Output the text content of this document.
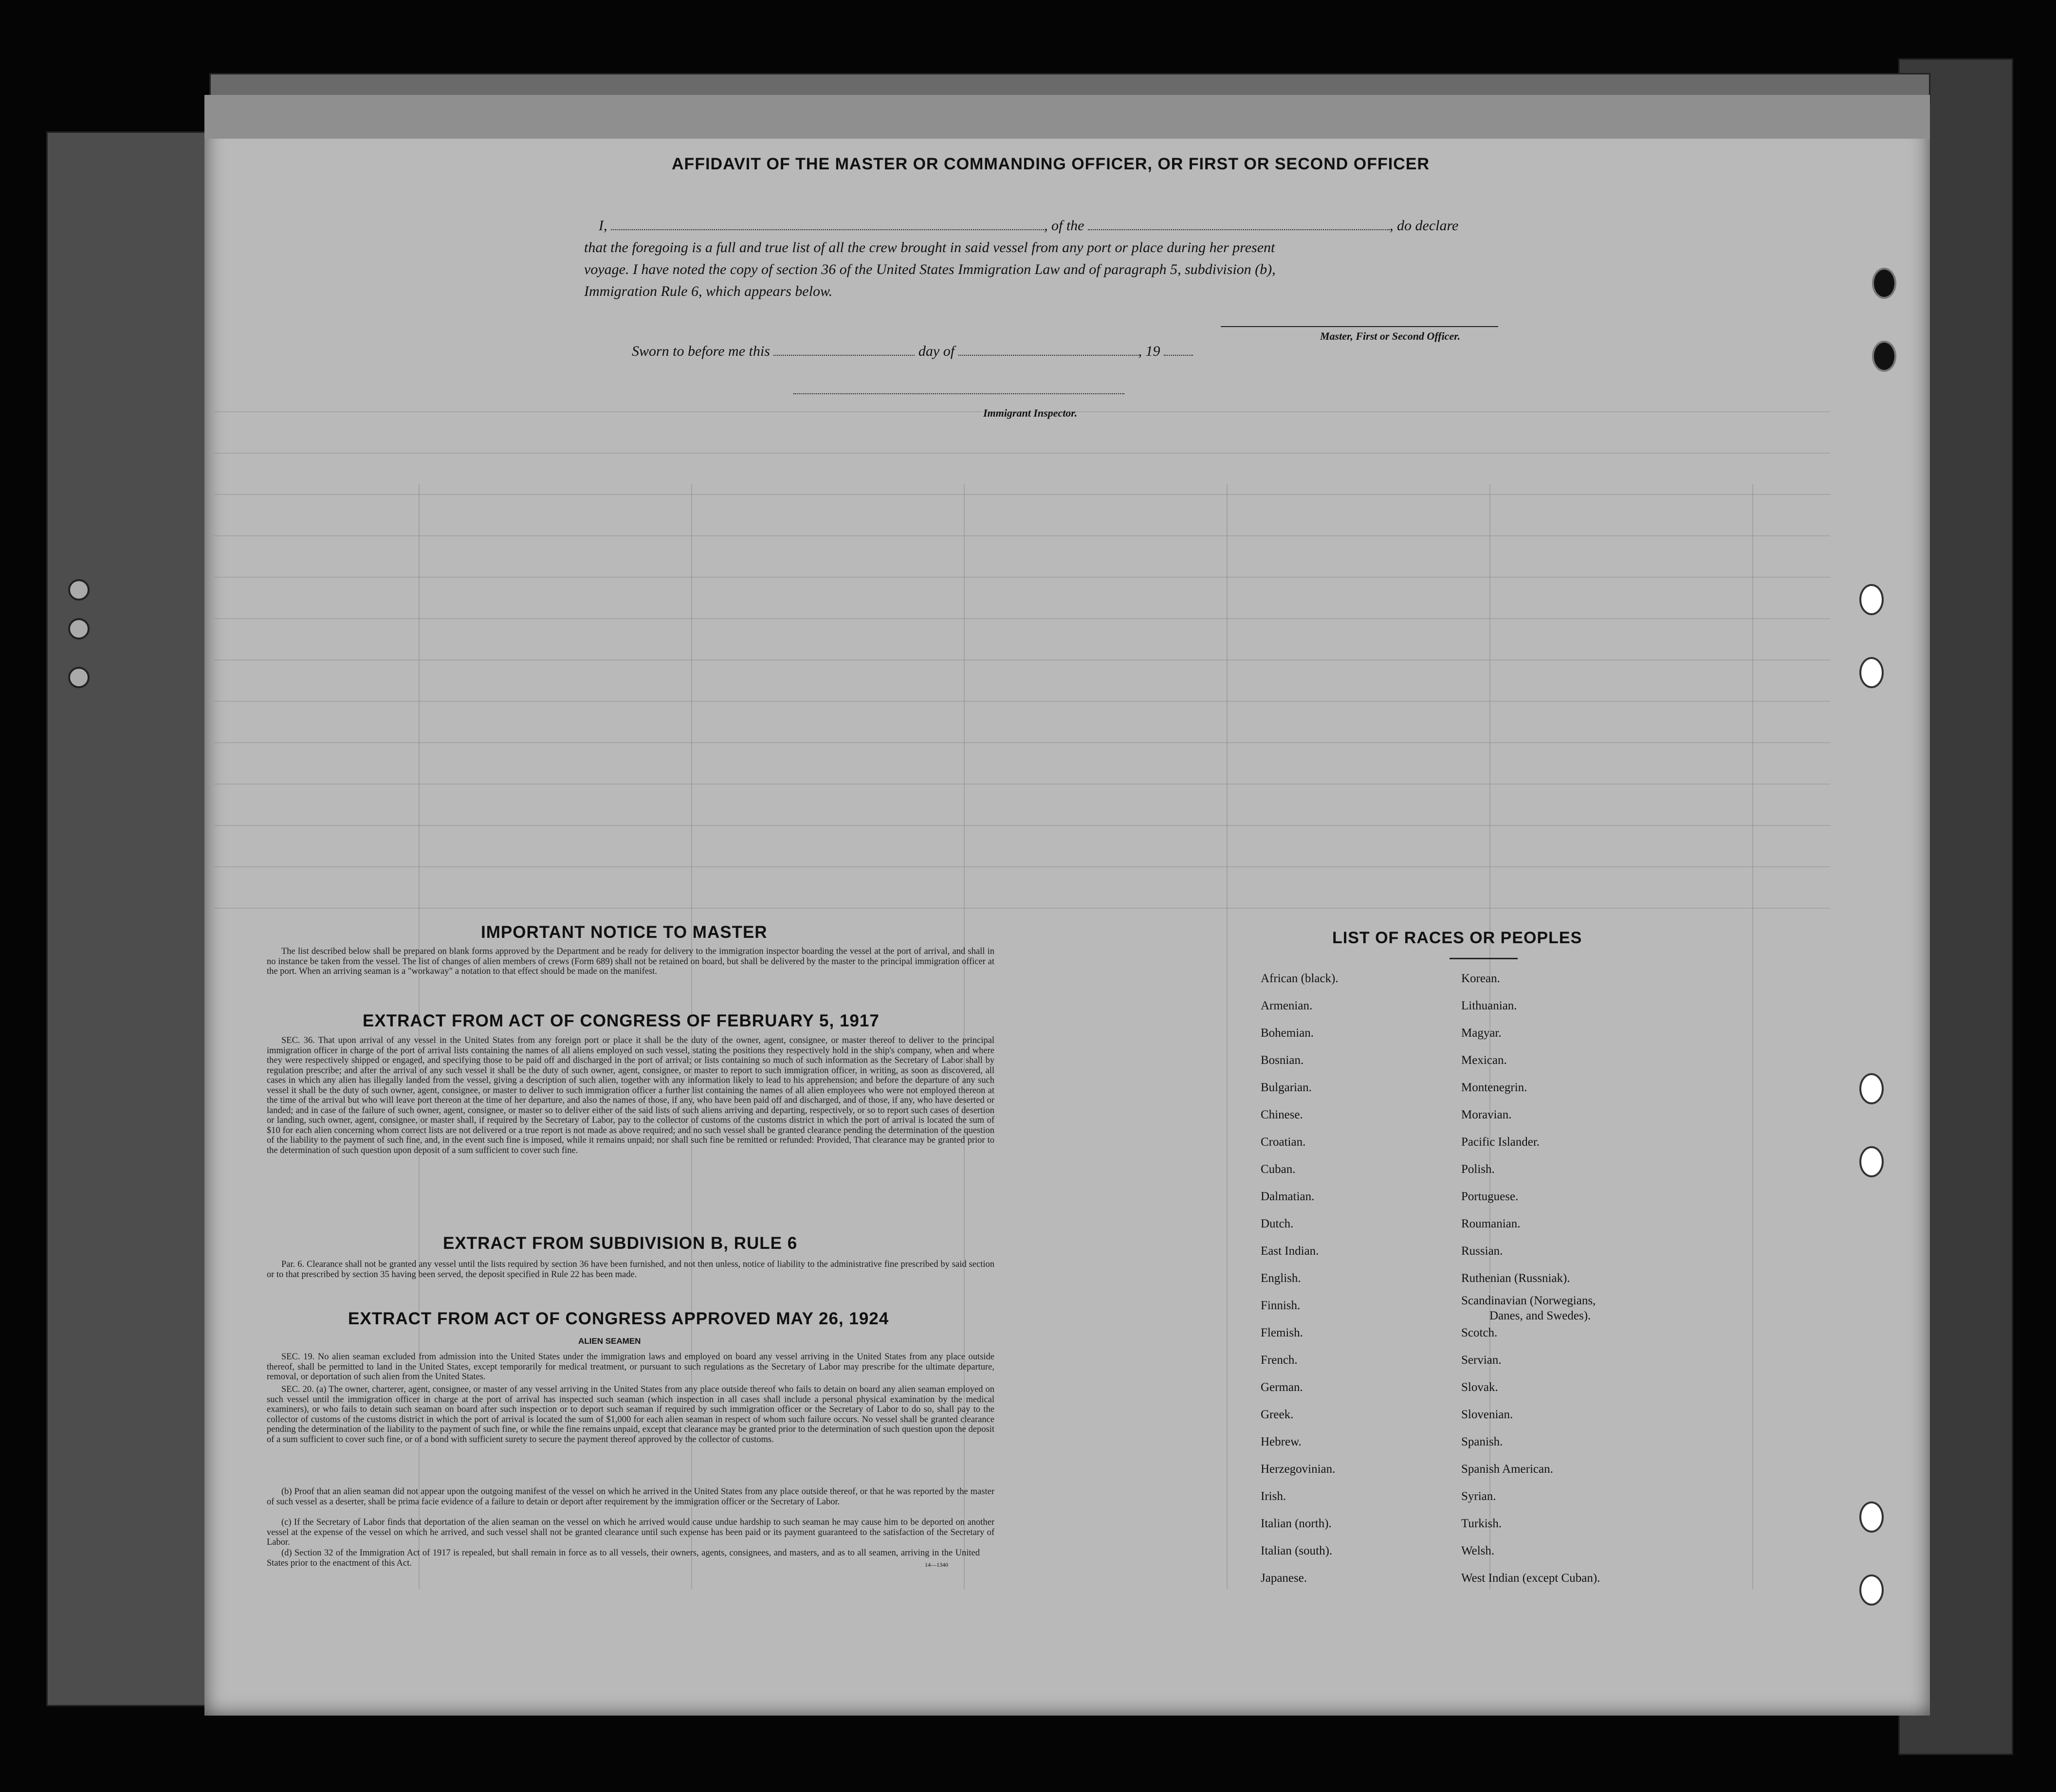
AFFIDAVIT OF THE MASTER OR COMMANDING OFFICER, OR FIRST OR SECOND OFFICER
I,	, of the	, do declare
that the foregoing is a full and true list of all the crew brought in said vessel from any port or place during her present
voyage. I have noted the copy of section 36 of the United States Immigration Law and of paragraph 5, subdivision (b),
Immigration Rule 6, which appears below.
Master, First or Second Officer.
Sworn to before me this	day of	, 19
Immigrant Inspector.
IMPORTANT NOTICE TO MASTER
The list described below shall be prepared on blank forms approved by the Department and be ready for delivery to the immigration inspector boarding the vessel at the port of arrival, and shall in no instance be taken from the vessel. The list of changes of alien members of crews (Form 689) shall not be retained on board, but shall be delivered by the master to the principal immigration officer at the port. When an arriving seaman is a "workaway" a notation to that effect should be made on the manifest.
EXTRACT FROM ACT OF CONGRESS OF FEBRUARY 5, 1917
SEC. 36. That upon arrival of any vessel in the United States from any foreign port or place it shall be the duty of the owner, agent, consignee, or master thereof to deliver to the principal immigration officer in charge of the port of arrival lists containing the names of all aliens employed on such vessel, stating the positions they respectively hold in the ship's company, when and where they were respectively shipped or engaged, and specifying those to be paid off and discharged in the port of arrival; or lists containing so much of such information as the Secretary of Labor shall by regulation prescribe; and after the arrival of any such vessel it shall be the duty of such owner, agent, consignee, or master to report to such immigration officer, in writing, as soon as discovered, all cases in which any alien has illegally landed from the vessel, giving a description of such alien, together with any information likely to lead to his apprehension; and before the departure of any such vessel it shall be the duty of such owner, agent, consignee, or master to deliver to such immigration officer a further list containing the names of all alien employees who were not employed thereon at the time of the arrival but who will leave port thereon at the time of her departure, and also the names of those, if any, who have been paid off and discharged, and of those, if any, who have deserted or landed; and in case of the failure of such owner, agent, consignee, or master so to deliver either of the said lists of such aliens arriving and departing, respectively, or so to report such cases of desertion or landing, such owner, agent, consignee, or master shall, if required by the Secretary of Labor, pay to the collector of customs of the customs district in which the port of arrival is located the sum of $10 for each alien concerning whom correct lists are not delivered or a true report is not made as above required; and no such vessel shall be granted clearance pending the determination of the question of the liability to the payment of such fine, and, in the event such fine is imposed, while it remains unpaid; nor shall such fine be remitted or refunded: Provided, That clearance may be granted prior to the determination of such question upon deposit of a sum sufficient to cover such fine.
EXTRACT FROM SUBDIVISION B, RULE 6
Par. 6. Clearance shall not be granted any vessel until the lists required by section 36 have been furnished, and not then unless, notice of liability to the administrative fine prescribed by said section or to that prescribed by section 35 having been served, the deposit specified in Rule 22 has been made.
EXTRACT FROM ACT OF CONGRESS APPROVED MAY 26, 1924
ALIEN SEAMEN
SEC. 19. No alien seaman excluded from admission into the United States under the immigration laws and employed on board any vessel arriving in the United States from any place outside thereof, shall be permitted to land in the United States, except temporarily for medical treatment, or pursuant to such regulations as the Secretary of Labor may prescribe for the ultimate departure, removal, or deportation of such alien from the United States.
SEC. 20. (a) The owner, charterer, agent, consignee, or master of any vessel arriving in the United States from any place outside thereof who fails to detain on board any alien seaman employed on such vessel until the immigration officer in charge at the port of arrival has inspected such seaman (which inspection in all cases shall include a personal physical examination by the medical examiners), or who fails to detain such seaman on board after such inspection or to deport such seaman if required by such immigration officer or the Secretary of Labor to do so, shall pay to the collector of customs of the customs district in which the port of arrival is located the sum of $1,000 for each alien seaman in respect of whom such failure occurs. No vessel shall be granted clearance pending the determination of the liability to the payment of such fine, or while the fine remains unpaid, except that clearance may be granted prior to the determination of such question upon the deposit of a sum sufficient to cover such fine, or of a bond with sufficient surety to secure the payment thereof approved by the collector of customs.
(b) Proof that an alien seaman did not appear upon the outgoing manifest of the vessel on which he arrived in the United States from any place outside thereof, or that he was reported by the master of such vessel as a deserter, shall be prima facie evidence of a failure to detain or deport after requirement by the immigration officer or the Secretary of Labor.
(c) If the Secretary of Labor finds that deportation of the alien seaman on the vessel on which he arrived would cause undue hardship to such seaman he may cause him to be deported on another vessel at the expense of the vessel on which he arrived, and such vessel shall not be granted clearance until such expense has been paid or its payment guaranteed to the satisfaction of the Secretary of Labor.
(d) Section 32 of the Immigration Act of 1917 is repealed, but shall remain in force as to all vessels, their owners, agents, consignees, and masters, and as to all seamen, arriving in the United States prior to the enactment of this Act.	14—1340
LIST OF RACES OR PEOPLES
African (black).
Armenian.
Bohemian.
Bosnian.
Bulgarian.
Chinese.
Croatian.
Cuban.
Dalmatian.
Dutch.
East Indian.
English.
Finnish.
Flemish.
French.
German.
Greek.
Hebrew.
Herzegovinian.
Irish.
Italian (north).
Italian (south).
Japanese.
Korean.
Lithuanian.
Magyar.
Mexican.
Montenegrin.
Moravian.
Pacific Islander.
Polish.
Portuguese.
Roumanian.
Russian.
Ruthenian (Russniak).
Scandinavian (Norwegians,
Danes, and Swedes).
Scotch.
Servian.
Slovak.
Slovenian.
Spanish.
Spanish American.
Syrian.
Turkish.
Welsh.
West Indian (except Cuban).
